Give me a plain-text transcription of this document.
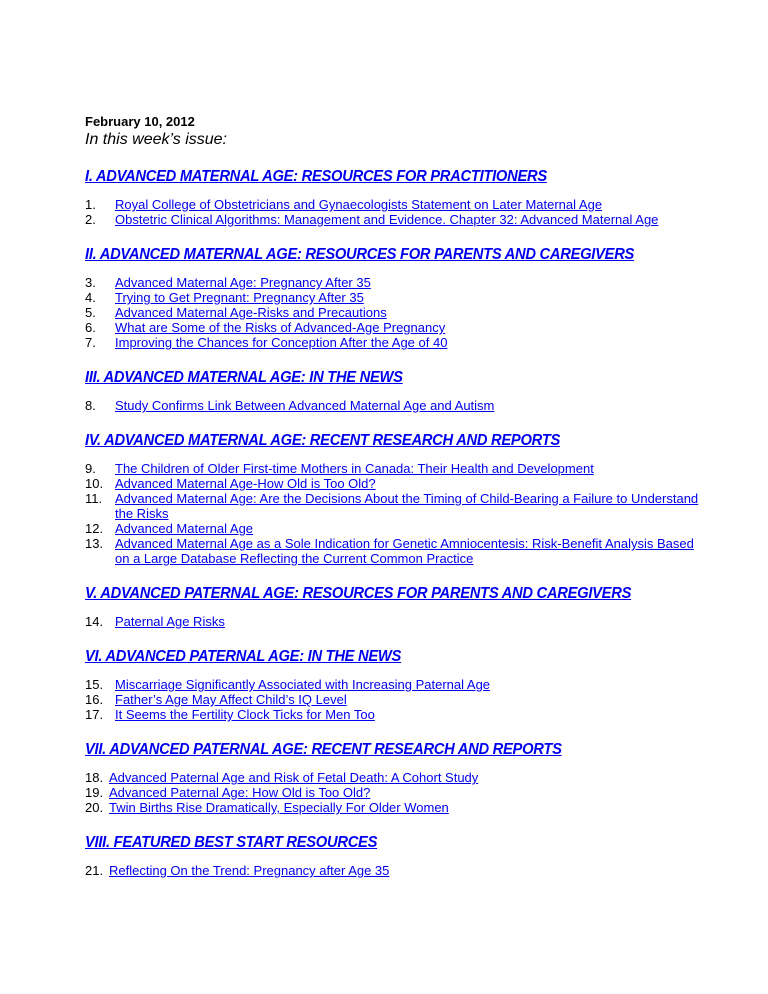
February 10, 2012
In this week’s issue:
I. ADVANCED MATERNAL AGE: RESOURCES FOR PRACTITIONERS
1.	Royal College of Obstetricians and Gynaecologists Statement on Later Maternal Age
2.	Obstetric Clinical Algorithms: Management and Evidence. Chapter 32: Advanced Maternal Age
II. ADVANCED MATERNAL AGE: RESOURCES FOR PARENTS AND CAREGIVERS
3.	Advanced Maternal Age: Pregnancy After 35
4.	Trying to Get Pregnant: Pregnancy After 35
5.	Advanced Maternal Age-Risks and Precautions
6.	What are Some of the Risks of Advanced-Age Pregnancy
7.	Improving the Chances for Conception After the Age of 40
III. ADVANCED MATERNAL AGE: IN THE NEWS
8.	Study Confirms Link Between Advanced Maternal Age and Autism
IV. ADVANCED MATERNAL AGE: RECENT RESEARCH AND REPORTS
9.	The Children of Older First-time Mothers in Canada: Their Health and Development
10. Advanced Maternal Age-How Old is Too Old?
11. Advanced Maternal Age: Are the Decisions About the Timing of Child-Bearing a Failure to Understand the Risks
12. Advanced Maternal Age
13. Advanced Maternal Age as a Sole Indication for Genetic Amniocentesis: Risk-Benefit Analysis Based on a Large Database Reflecting the Current Common Practice
V. ADVANCED PATERNAL AGE: RESOURCES FOR PARENTS AND CAREGIVERS
14. Paternal Age Risks
VI. ADVANCED PATERNAL AGE: IN THE NEWS
15. Miscarriage Significantly Associated with Increasing Paternal Age
16. Father’s Age May Affect Child’s IQ Level
17. It Seems the Fertility Clock Ticks for Men Too
VII. ADVANCED PATERNAL AGE: RECENT RESEARCH AND REPORTS
18. Advanced Paternal Age and Risk of Fetal Death: A Cohort Study
19. Advanced Paternal Age: How Old is Too Old?
20. Twin Births Rise Dramatically, Especially For Older Women
VIII. FEATURED BEST START RESOURCES
21. Reflecting On the Trend: Pregnancy after Age 35
